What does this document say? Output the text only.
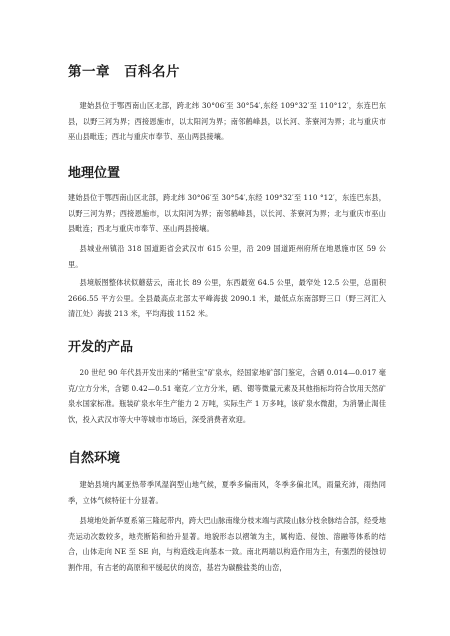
第一章　百科名片

建始县位于鄂西南山区北部，跨北纬 30°06′至 30°54′,东经 109°32′至 110°12′，东连巴东县，以野三河为界；西接恩施市，以太阳河为界；南邻鹤峰县，以长河、茶寮河为界；北与重庆市巫山县毗连；西北与重庆市奉节、巫山两县接壤。

地理位置

建始县位于鄂西南山区北部，跨北纬 30°06′至 30°54′,东经 109°32′至 110 °12′，东连巴东县，以野三河为界；西接恩施市，以太阳河为界；南邻鹤峰县，以长河、茶寮河为界；北与重庆市巫山县毗连；西北与重庆市奉节、巫山两县接壤。

县城业州镇沿 318 国道距省会武汉市 615 公里，沿 209 国道距州府所在地恩施市区 59 公里。

县境版图整体状似蘑菇云，南北长 89 公里，东西最宽 64.5 公里，最窄处 12.5 公里，总面积 2666.55 平方公里。全县最高点北部太平峰海拔 2090.1 米，最低点东南部野三口（野三河汇入清江处）海拔 213 米，平均海拔 1152 米。

开发的产品

20 世纪 90 年代县开发出来的“稀世宝”矿泉水，经国家地矿部门鉴定，含硒 0.014—0.017 毫克/立方分米，含锶 0.42—0.51 毫克／立方分米，硒、锶等微量元素及其他指标均符合饮用天然矿泉水国家标准。瓶装矿泉水年生产能力 2 万吨，实际生产 1 万多吨，该矿泉水微甜，为消暑止渴佳饮，投入武汉市等大中等城市市场后，深受消费者欢迎。

自然环境

建始县境内属亚热带季风湿润型山地气候，夏季多偏南风，冬季多偏北风，雨量充沛，雨热同季，立体气候特征十分显著。

县境地处新华夏系第三隆起带内，跨大巴山脉南缘分枝末端与武陵山脉分枝余脉结合部，经受地壳运动次数较多，地壳断陷和抬升显著。地貌形态以褶皱为主，属构造、侵蚀、溶融等体系的结合，山体走向 NE 至 SE 向，与构造线走向基本一致。南北两端以构造作用为主，有强烈的侵蚀切割作用，有古老的高原和平缓起伏的岗峦，基岩为碳酸盐类的山峦，
